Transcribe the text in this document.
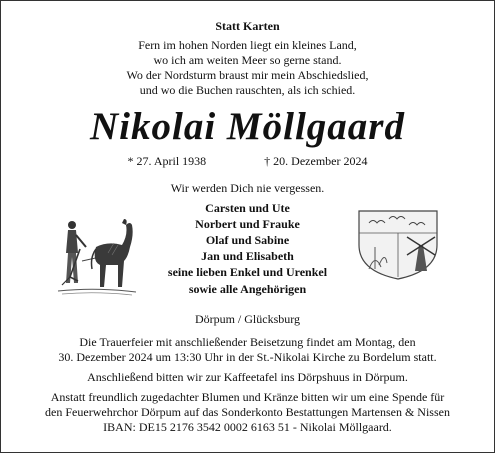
Statt Karten
Fern im hohen Norden liegt ein kleines Land,
wo ich am weiten Meer so gerne stand.
Wo der Nordsturm braust mir mein Abschiedslied,
und wo die Buchen rauschten, als ich schied.
Nikolai Möllgaard
* 27. April 1938	† 20. Dezember 2024
Wir werden Dich nie vergessen.
Carsten und Ute
Norbert und Frauke
Olaf und Sabine
Jan und Elisabeth
seine lieben Enkel und Urenkel
sowie alle Angehörigen
Dörpum / Glücksburg
Die Trauerfeier mit anschließender Beisetzung findet am Montag, den
30. Dezember 2024 um 13:30 Uhr in der St.-Nikolai Kirche zu Bordelum statt.
Anschließend bitten wir zur Kaffeetafel ins Dörpshuus in Dörpum.
Anstatt freundlich zugedachter Blumen und Kränze bitten wir um eine Spende für
den Feuerwehrchor Dörpum auf das Sonderkonto Bestattungen Martensen & Nissen
IBAN: DE15 2176 3542 0002 6163 51 - Nikolai Möllgaard.
